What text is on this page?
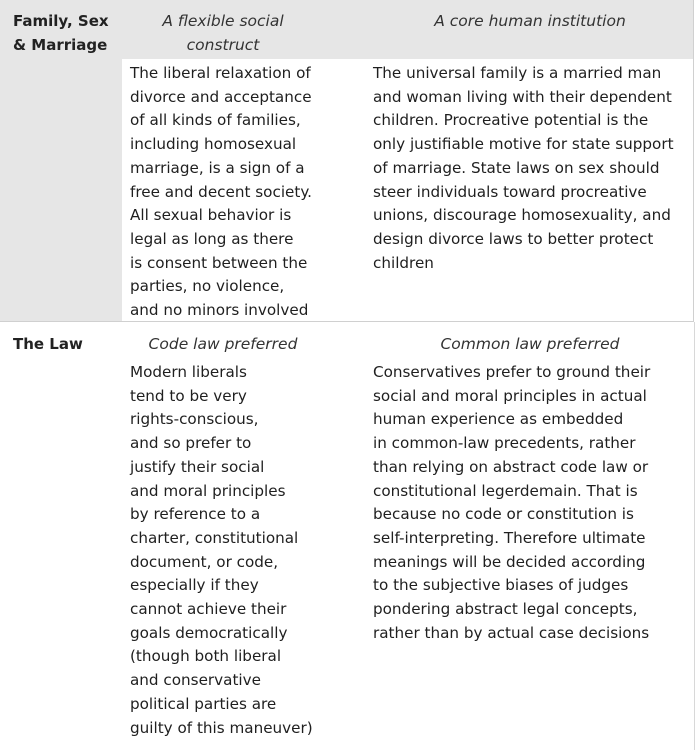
Family, Sex
& Marriage
A flexible social
construct
A core human institution

The liberal relaxation of
divorce and acceptance
of all kinds of families,
including homosexual
marriage, is a sign of a
free and decent society.
All sexual behavior is
legal as long as there
is consent between the
parties, no violence,
and no minors involved

The universal family is a married man
and woman living with their dependent
children. Procreative potential is the
only justifiable motive for state support
of marriage. State laws on sex should
steer individuals toward procreative
unions, discourage homosexuality, and
design divorce laws to better protect
children

The Law	Code law preferred	Common law preferred

Modern liberals
tend to be very
rights-conscious,
and so prefer to
justify their social
and moral principles
by reference to a
charter, constitutional
document, or code,
especially if they
cannot achieve their
goals democratically
(though both liberal
and conservative
political parties are
guilty of this maneuver)

Conservatives prefer to ground their
social and moral principles in actual
human experience as embedded
in common-law precedents, rather
than relying on abstract code law or
constitutional legerdemain. That is
because no code or constitution is
self-interpreting. Therefore ultimate
meanings will be decided according
to the subjective biases of judges
pondering abstract legal concepts,
rather than by actual case decisions
